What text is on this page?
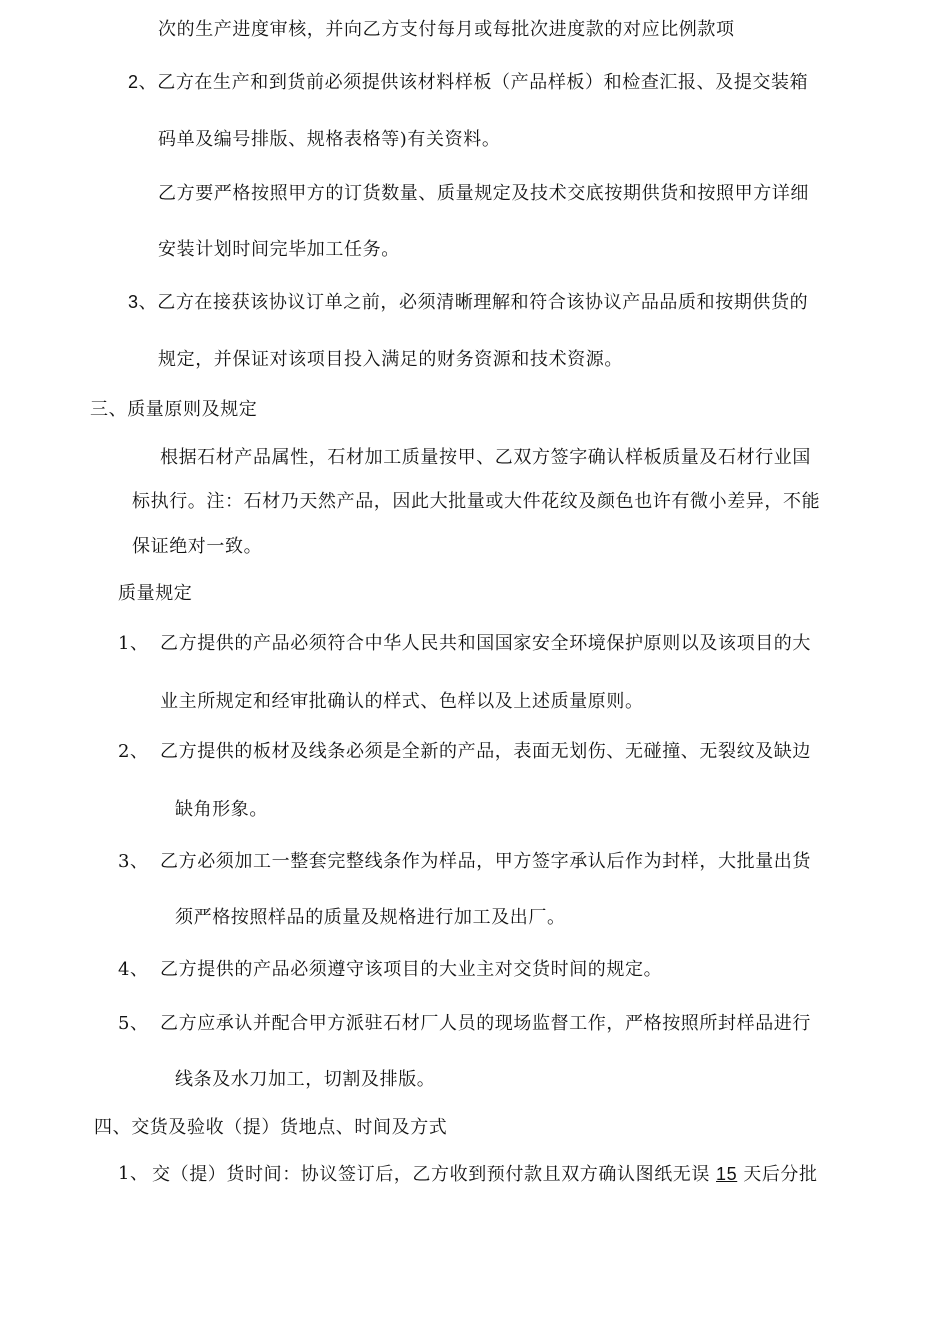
次的生产进度审核，并向乙方支付每月或每批次进度款的对应比例款项
2、乙方在生产和到货前必须提供该材料样板（产品样板）和检查汇报、及提交装箱
码单及编号排版、规格表格等)有关资料。
乙方要严格按照甲方的订货数量、质量规定及技术交底按期供货和按照甲方详细
安装计划时间完毕加工任务。
3、乙方在接获该协议订单之前，必须清晰理解和符合该协议产品品质和按期供货的
规定，并保证对该项目投入满足的财务资源和技术资源。
三、质量原则及规定
根据石材产品属性，石材加工质量按甲、乙双方签字确认样板质量及石材行业国
标执行。注：石材乃天然产品，因此大批量或大件花纹及颜色也许有微小差异，不能
保证绝对一致。
质量规定
1、 乙方提供的产品必须符合中华人民共和国国家安全环境保护原则以及该项目的大
业主所规定和经审批确认的样式、色样以及上述质量原则。
2、 乙方提供的板材及线条必须是全新的产品，表面无划伤、无碰撞、无裂纹及缺边
缺角形象。
3、 乙方必须加工一整套完整线条作为样品，甲方签字承认后作为封样，大批量出货
须严格按照样品的质量及规格进行加工及出厂。
4、 乙方提供的产品必须遵守该项目的大业主对交货时间的规定。
5、 乙方应承认并配合甲方派驻石材厂人员的现场监督工作，严格按照所封样品进行
线条及水刀加工，切割及排版。
四、交货及验收（提）货地点、时间及方式
1、 交（提）货时间：协议签订后，乙方收到预付款且双方确认图纸无误 15 天后分批
